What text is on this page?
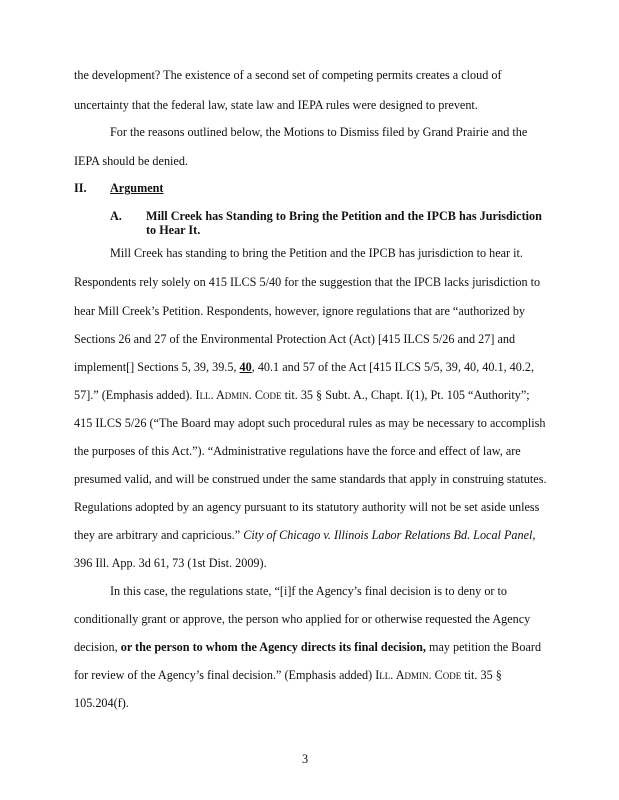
the development? The existence of a second set of competing permits creates a cloud of
uncertainty that the federal law, state law and IEPA rules were designed to prevent.
For the reasons outlined below, the Motions to Dismiss filed by Grand Prairie and the
IEPA should be denied.
II. Argument
A. Mill Creek has Standing to Bring the Petition and the IPCB has Jurisdiction
to Hear It.
Mill Creek has standing to bring the Petition and the IPCB has jurisdiction to hear it.
Respondents rely solely on 415 ILCS 5/40 for the suggestion that the IPCB lacks jurisdiction to
hear Mill Creek’s Petition. Respondents, however, ignore regulations that are “authorized by
Sections 26 and 27 of the Environmental Protection Act (Act) [415 ILCS 5/26 and 27] and
implement[] Sections 5, 39, 39.5, 40, 40.1 and 57 of the Act [415 ILCS 5/5, 39, 40, 40.1, 40.2,
57].” (Emphasis added). Ill. Admin. Code tit. 35 § Subt. A., Chapt. I(1), Pt. 105 “Authority”;
415 ILCS 5/26 (“The Board may adopt such procedural rules as may be necessary to accomplish
the purposes of this Act.”). “Administrative regulations have the force and effect of law, are
presumed valid, and will be construed under the same standards that apply in construing statutes.
Regulations adopted by an agency pursuant to its statutory authority will not be set aside unless
they are arbitrary and capricious.” City of Chicago v. Illinois Labor Relations Bd. Local Panel,
396 Ill. App. 3d 61, 73 (1st Dist. 2009).
In this case, the regulations state, “[i]f the Agency’s final decision is to deny or to
conditionally grant or approve, the person who applied for or otherwise requested the Agency
decision, or the person to whom the Agency directs its final decision, may petition the Board
for review of the Agency’s final decision.” (Emphasis added) Ill. Admin. Code tit. 35 §
105.204(f).
3
